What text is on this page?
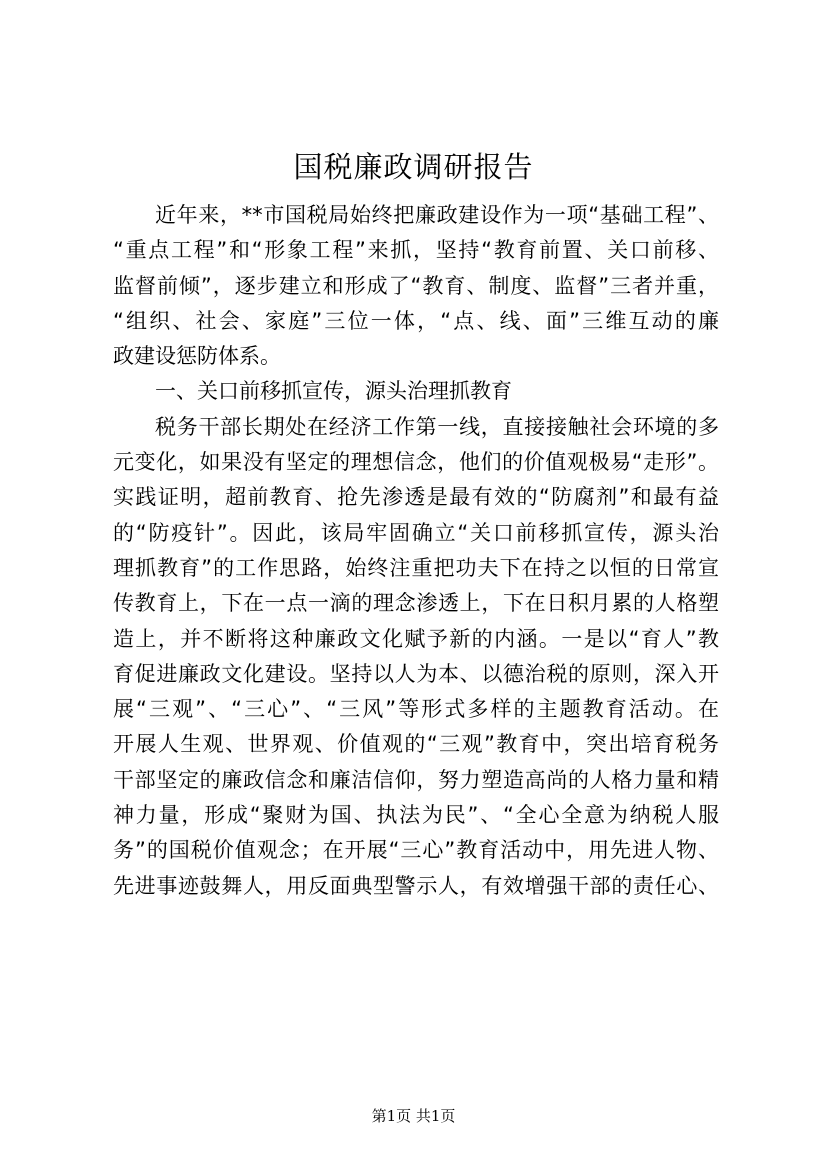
国税廉政调研报告
近年来，**市国税局始终把廉政建设作为一项“基础工程”、
“重点工程”和“形象工程”来抓，坚持“教育前置、关口前移、
监督前倾”，逐步建立和形成了“教育、制度、监督”三者并重，
“组织、社会、家庭”三位一体，“点、线、面”三维互动的廉
政建设惩防体系。
一、关口前移抓宣传，源头治理抓教育
税务干部长期处在经济工作第一线，直接接触社会环境的多
元变化，如果没有坚定的理想信念，他们的价值观极易“走形”。
实践证明，超前教育、抢先渗透是最有效的“防腐剂”和最有益
的“防疫针”。因此，该局牢固确立“关口前移抓宣传，源头治
理抓教育”的工作思路，始终注重把功夫下在持之以恒的日常宣
传教育上，下在一点一滴的理念渗透上，下在日积月累的人格塑
造上，并不断将这种廉政文化赋予新的内涵。一是以“育人”教
育促进廉政文化建设。坚持以人为本、以德治税的原则，深入开
展“三观”、“三心”、“三风”等形式多样的主题教育活动。在
开展人生观、世界观、价值观的“三观”教育中，突出培育税务
干部坚定的廉政信念和廉洁信仰，努力塑造高尚的人格力量和精
神力量，形成“聚财为国、执法为民”、“全心全意为纳税人服
务”的国税价值观念；在开展“三心”教育活动中，用先进人物、
先进事迹鼓舞人，用反面典型警示人，有效增强干部的责任心、
第1页 共1页
